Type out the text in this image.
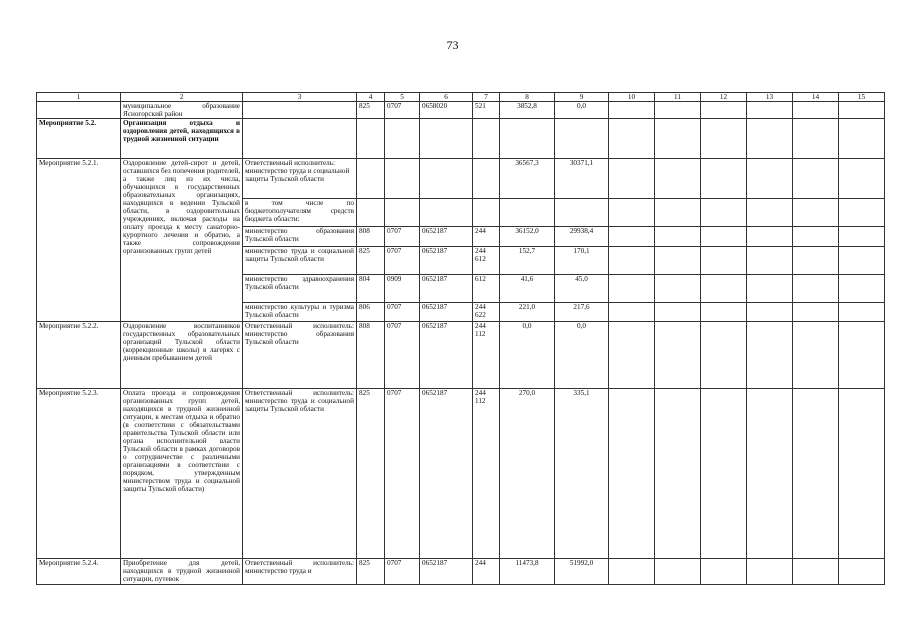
73
1	2	3	4	5	6	7	8	9	10	11	12	13	14	15
	муниципальное образование Ясногорский район		825	0707	0658020	521	3852,8	0,0						
Мероприятие 5.2.	Организация отдыха и оздоровления детей, находящихся в трудной жизненной ситуации													
Мероприятие 5.2.1.	Оздоровление детей-сирот и детей, оставшихся без попечения родителей, а также лиц из их числа, обучающихся в государственных образовательных организациях, находящихся в ведении Тульской области, в оздоровительных учреждениях, включая расходы на оплату проезда к месту санаторно-курортного лечения и обратно, а также сопровождения организованных групп детей	Ответственный исполнитель: министерство труда и социальной защиты Тульской области					36567,3	30371,1						
		в том числе по бюджетополучателям средств бюджета области:												
		министерство образования Тульской области	808	0707	0652187	244	36152,0	29938,4						
		министерство труда и социальной защиты Тульской области	825	0707	0652187	244 612	152,7	170,1						
		министерство здравоохранения Тульской области	804	0909	0652187	612	41,6	45,0						
		министерство культуры и туризма Тульской области	806	0707	0652187	244 622	221,0	217,6						
Мероприятие 5.2.2.	Оздоровление воспитанников государственных образовательных организаций Тульской области (коррекционные школы) в лагерях с дневным пребыванием детей	Ответственный исполнитель: министерство образования Тульской области	808	0707	0652187	244 112	0,0	0,0						
Мероприятие 5.2.3.	Оплата проезда и сопровождения организованных групп детей, находящихся в трудной жизненной ситуации, к местам отдыха и обратно (в соответствии с обязательствами правительства Тульской области или органа исполнительной власти Тульской области в рамках договоров о сотрудничестве с различными организациями в соответствии с порядком, утвержденным министерством труда и социальной защиты Тульской области)	Ответственный исполнитель: министерство труда и социальной защиты Тульской области	825	0707	0652187	244 112	270,0	335,1						
Мероприятие 5.2.4.	Приобретение для детей, находящихся в трудной жизненной ситуации, путевок	Ответственный исполнитель: министерство труда и	825	0707	0652187	244	11473,8	51992,0						
